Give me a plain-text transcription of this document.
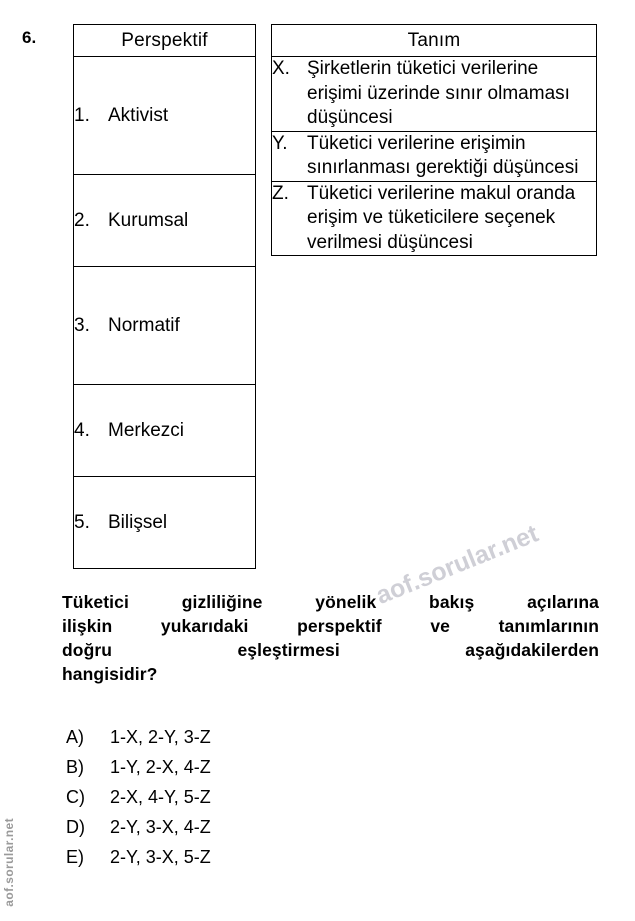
6.	Perspektif
1. Aktivist
2. Kurumsal
3. Normatif
4. Merkezci
5. Bilişsel
Tanım

X. Şirketlerin tüketici verilerine erişimi üzerinde sınır olmaması düşüncesi

Y.	Tüketici verilerine erişimin sınırlanması gerektiği düşüncesi

Z. Tüketici verilerine makul oranda erişim ve tüketicilere seçenek verilmesi düşüncesi
Tüketici gizliliğine yönelik bakış açılarına
ilişkin yukarıdaki perspektif ve tanımlarının
doğru eşleştirmesi aşağıdakilerden
hangisidir?
A)	1-X, 2-Y, 3-Z
B)	1-Y, 2-X, 4-Z
C)	2-X, 4-Y, 5-Z
D)	2-Y, 3-X, 4-Z
E)	2-Y, 3-X, 5-Z
aof.sorular.net
aof.sorular.net
